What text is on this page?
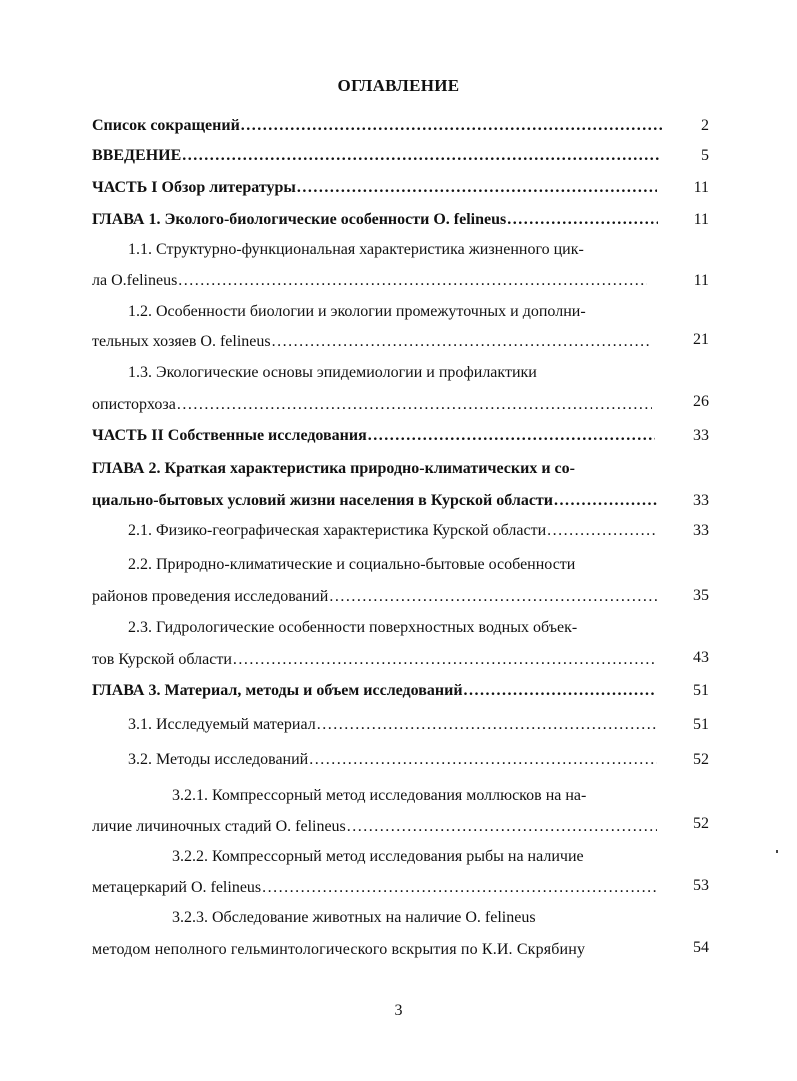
ОГЛАВЛЕНИЕ
Список сокращений .....	2
ВВЕДЕНИЕ .....	5
ЧАСТЬ I Обзор литературы .....	11
ГЛАВА 1. Эколого-биологические особенности O. felineus .....	11
1.1. Структурно-функциональная характеристика жизненного цик-
ла O.felineus .....	11
1.2. Особенности биологии и экологии промежуточных и дополни-
тельных хозяев O. felineus .....	21
1.3. Экологические основы эпидемиологии и профилактики
описторхоза .....	26
ЧАСТЬ II Собственные исследования .....	33
ГЛАВА 2. Краткая характеристика природно-климатических и со-
циально-бытовых условий жизни населения в Курской области .....	33
2.1. Физико-географическая характеристика Курской области .....	33
2.2. Природно-климатические и социально-бытовые особенности
районов проведения исследований .....	35
2.3. Гидрологические особенности поверхностных водных объек-
тов Курской области .....	43
ГЛАВА 3. Материал, методы и объем исследований .....	51
3.1. Исследуемый материал .....	51
3.2. Методы исследований .....	52
3.2.1. Компрессорный метод исследования моллюсков на на-
личие личиночных стадий O. felineus .....	52
3.2.2. Компрессорный метод исследования рыбы на наличие
метацеркарий O. felineus .....	53
3.2.3. Обследование животных на наличие O. felineus
методом неполного гельминтологического вскрытия по К.И. Скрябину	54
3
